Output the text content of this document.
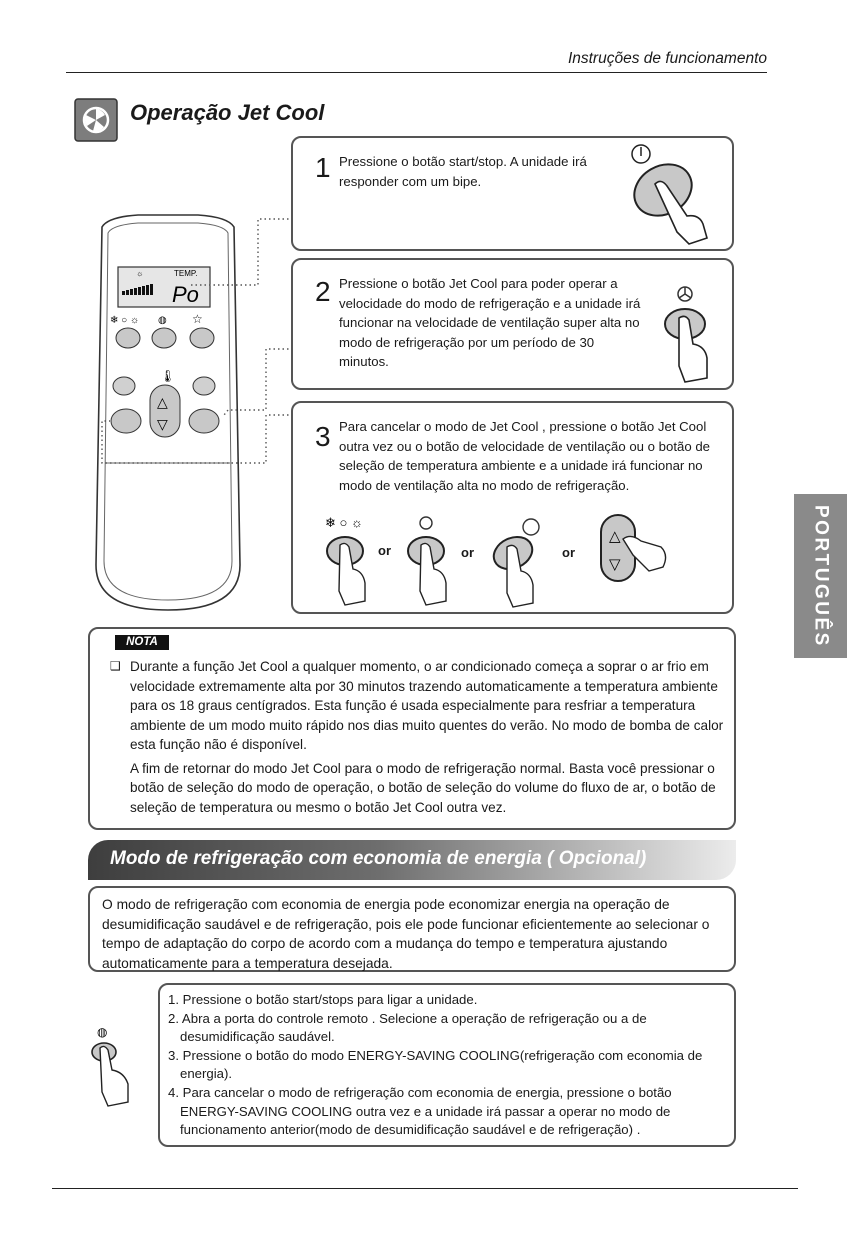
Instruções de funcionamento
Operação Jet Cool
☼	TEMP.
Po
❄ ○ ☼ ◍ ☆
🌡
△
▽
1 Pressione o botão start/stop. A unidade irá responder com um bipe.
2 Pressione o botão Jet Cool para poder operar a velocidade do modo de refrigeração e a unidade irá funcionar na velocidade de ventilação super alta no modo de refrigeração por um período de 30 minutos.
3 Para cancelar o modo de Jet Cool , pressione o botão Jet Cool outra vez ou o botão de velocidade de ventilação ou o botão de seleção de temperatura ambiente e a unidade irá funcionar no modo de ventilação alta no modo de refrigeração.
❄ ○ ☼
△
▽
or	or	or	PORTUGUÊS
NOTA
❑ Durante a função Jet Cool a qualquer momento, o ar condicionado começa a soprar o ar frio em velocidade extremamente alta por 30 minutos trazendo automaticamente a temperatura ambiente para os 18 graus centígrados. Esta função é usada especialmente para resfriar a temperatura ambiente de um modo muito rápido nos dias muito quentes do verão. No modo de bomba de calor esta função não é disponível.

A fim de retornar do modo Jet Cool para o modo de refrigeração normal. Basta você pressionar o botão de seleção do modo de operação, o botão de seleção do volume do fluxo de ar, o botão de seleção de temperatura ou mesmo o botão Jet Cool outra vez.

Modo de refrigeração com economia de energia ( Opcional)
O modo de refrigeração com economia de energia pode economizar energia na operação de desumidificação saudável e de refrigeração, pois ele pode funcionar eficientemente ao selecionar o tempo de adaptação do corpo de acordo com a mudança do tempo e temperatura ajustando automaticamente para a temperatura desejada.
◍

1. Pressione o botão start/stops para ligar a unidade.

2. Abra a porta do controle remoto . Selecione a operação de refrigeração ou a de desumidificação saudável.

3. Pressione o botão do modo ENERGY-SAVING COOLING(refrigeração com economia de energia).

4. Para cancelar o modo de refrigeração com economia de energia, pressione o botão ENERGY-SAVING COOLING outra vez e a unidade irá passar a operar no modo de funcionamento anterior(modo de desumidificação saudável e de refrigeração) .
